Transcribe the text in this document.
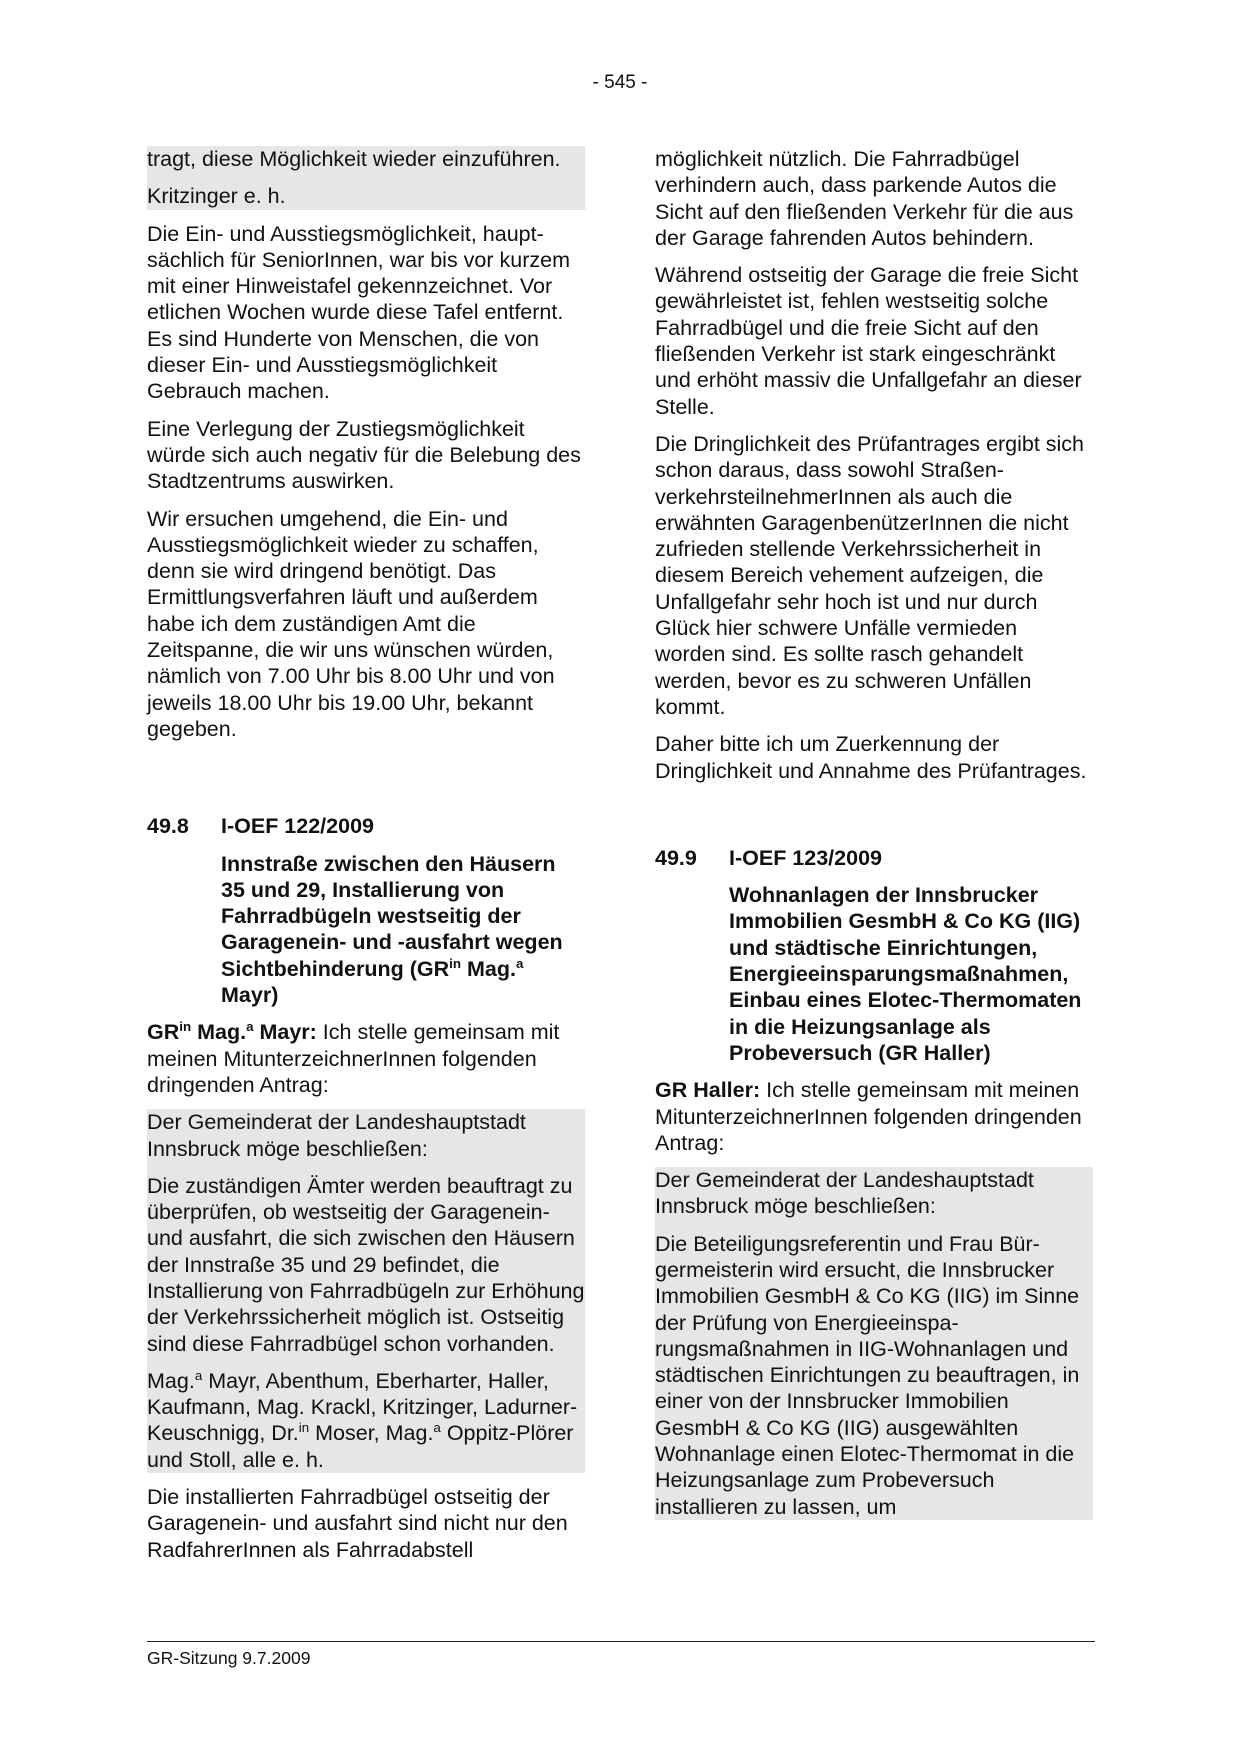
- 545 -

tragt, diese Möglichkeit wieder einzuführen.

Kritzinger e. h.

Die Ein- und Ausstiegsmöglichkeit, hauptsächlich für SeniorInnen, war bis vor kurzem mit einer Hinweistafel gekennzeichnet. Vor etlichen Wochen wurde diese Tafel entfernt. Es sind Hunderte von Menschen, die von dieser Ein- und Ausstiegsmöglichkeit Gebrauch machen.

Eine Verlegung der Zustiegsmöglichkeit würde sich auch negativ für die Belebung des Stadtzentrums auswirken.

Wir ersuchen umgehend, die Ein- und Ausstiegsmöglichkeit wieder zu schaffen, denn sie wird dringend benötigt. Das Ermittlungsverfahren läuft und außerdem habe ich dem zuständigen Amt die Zeitspanne, die wir uns wünschen würden, nämlich von 7.00 Uhr bis 8.00 Uhr und von jeweils 18.00 Uhr bis 19.00 Uhr, bekannt gegeben.

49.8	I-OEF 122/2009
Innstraße zwischen den Häusern 35 und 29, Installierung von Fahrradbügeln westseitig der Garagenein- und -ausfahrt wegen Sichtbehinderung ($GR^{in}$ Mag.$^a$ Mayr)

$GR^{in}$ Mag.$^a$ Mayr: Ich stelle gemeinsam mit meinen MitunterzeichnerInnen folgenden dringenden Antrag:

Der Gemeinderat der Landeshauptstadt Innsbruck möge beschließen:

Die zuständigen Ämter werden beauftragt zu überprüfen, ob westseitig der Garagenein- und ausfahrt, die sich zwischen den Häusern der Innstraße 35 und 29 befindet, die Installierung von Fahrradbügeln zur Erhöhung der Verkehrssicherheit möglich ist. Ostseitig sind diese Fahrradbügel schon vorhanden.

Mag.$^a$ Mayr, Abenthum, Eberharter, Haller, Kaufmann, Mag. Krackl, Kritzinger, Ladurner-Keuschnigg, Dr.$^{in}$ Moser, Mag.$^a$ Oppitz-Plörer und Stoll, alle e. h.

Die installierten Fahrradbügel ostseitig der Garagenein- und ausfahrt sind nicht nur den RadfahrerInnen als Fahrradabstell

möglichkeit nützlich. Die Fahrradbügel verhindern auch, dass parkende Autos die Sicht auf den fließenden Verkehr für die aus der Garage fahrenden Autos behindern.

Während ostseitig der Garage die freie Sicht gewährleistet ist, fehlen westseitig solche Fahrradbügel und die freie Sicht auf den fließenden Verkehr ist stark eingeschränkt und erhöht massiv die Unfallgefahr an dieser Stelle.

Die Dringlichkeit des Prüfantrages ergibt sich schon daraus, dass sowohl StraßenverkehrsteilnehmerInnen als auch die erwähnten GaragenbenützerInnen die nicht zufrieden stellende Verkehrssicherheit in diesem Bereich vehement aufzeigen, die Unfallgefahr sehr hoch ist und nur durch Glück hier schwere Unfälle vermieden worden sind. Es sollte rasch gehandelt werden, bevor es zu schweren Unfällen kommt.

Daher bitte ich um Zuerkennung der Dringlichkeit und Annahme des Prüfantrages.

49.9	I-OEF 123/2009
Wohnanlagen der Innsbrucker Immobilien GesmbH & Co KG (IIG) und städtische Einrichtungen, Energieeinsparungsmaßnahmen, Einbau eines Elotec-Thermomaten in die Heizungsanlage als Probeversuch (GR Haller)

GR Haller: Ich stelle gemeinsam mit meinen MitunterzeichnerInnen folgenden dringenden Antrag:

Der Gemeinderat der Landeshauptstadt Innsbruck möge beschließen:

Die Beteiligungsreferentin und Frau Bürgermeisterin wird ersucht, die Innsbrucker Immobilien GesmbH & Co KG (IIG) im Sinne der Prüfung von Energieeinsparungsmaßnahmen in IIG-Wohnanlagen und städtischen Einrichtungen zu beauftragen, in einer von der Innsbrucker Immobilien GesmbH & Co KG (IIG) ausgewählten Wohnanlage einen Elotec-Thermomat in die Heizungsanlage zum Probeversuch installieren zu lassen, um

GR-Sitzung 9.7.2009
